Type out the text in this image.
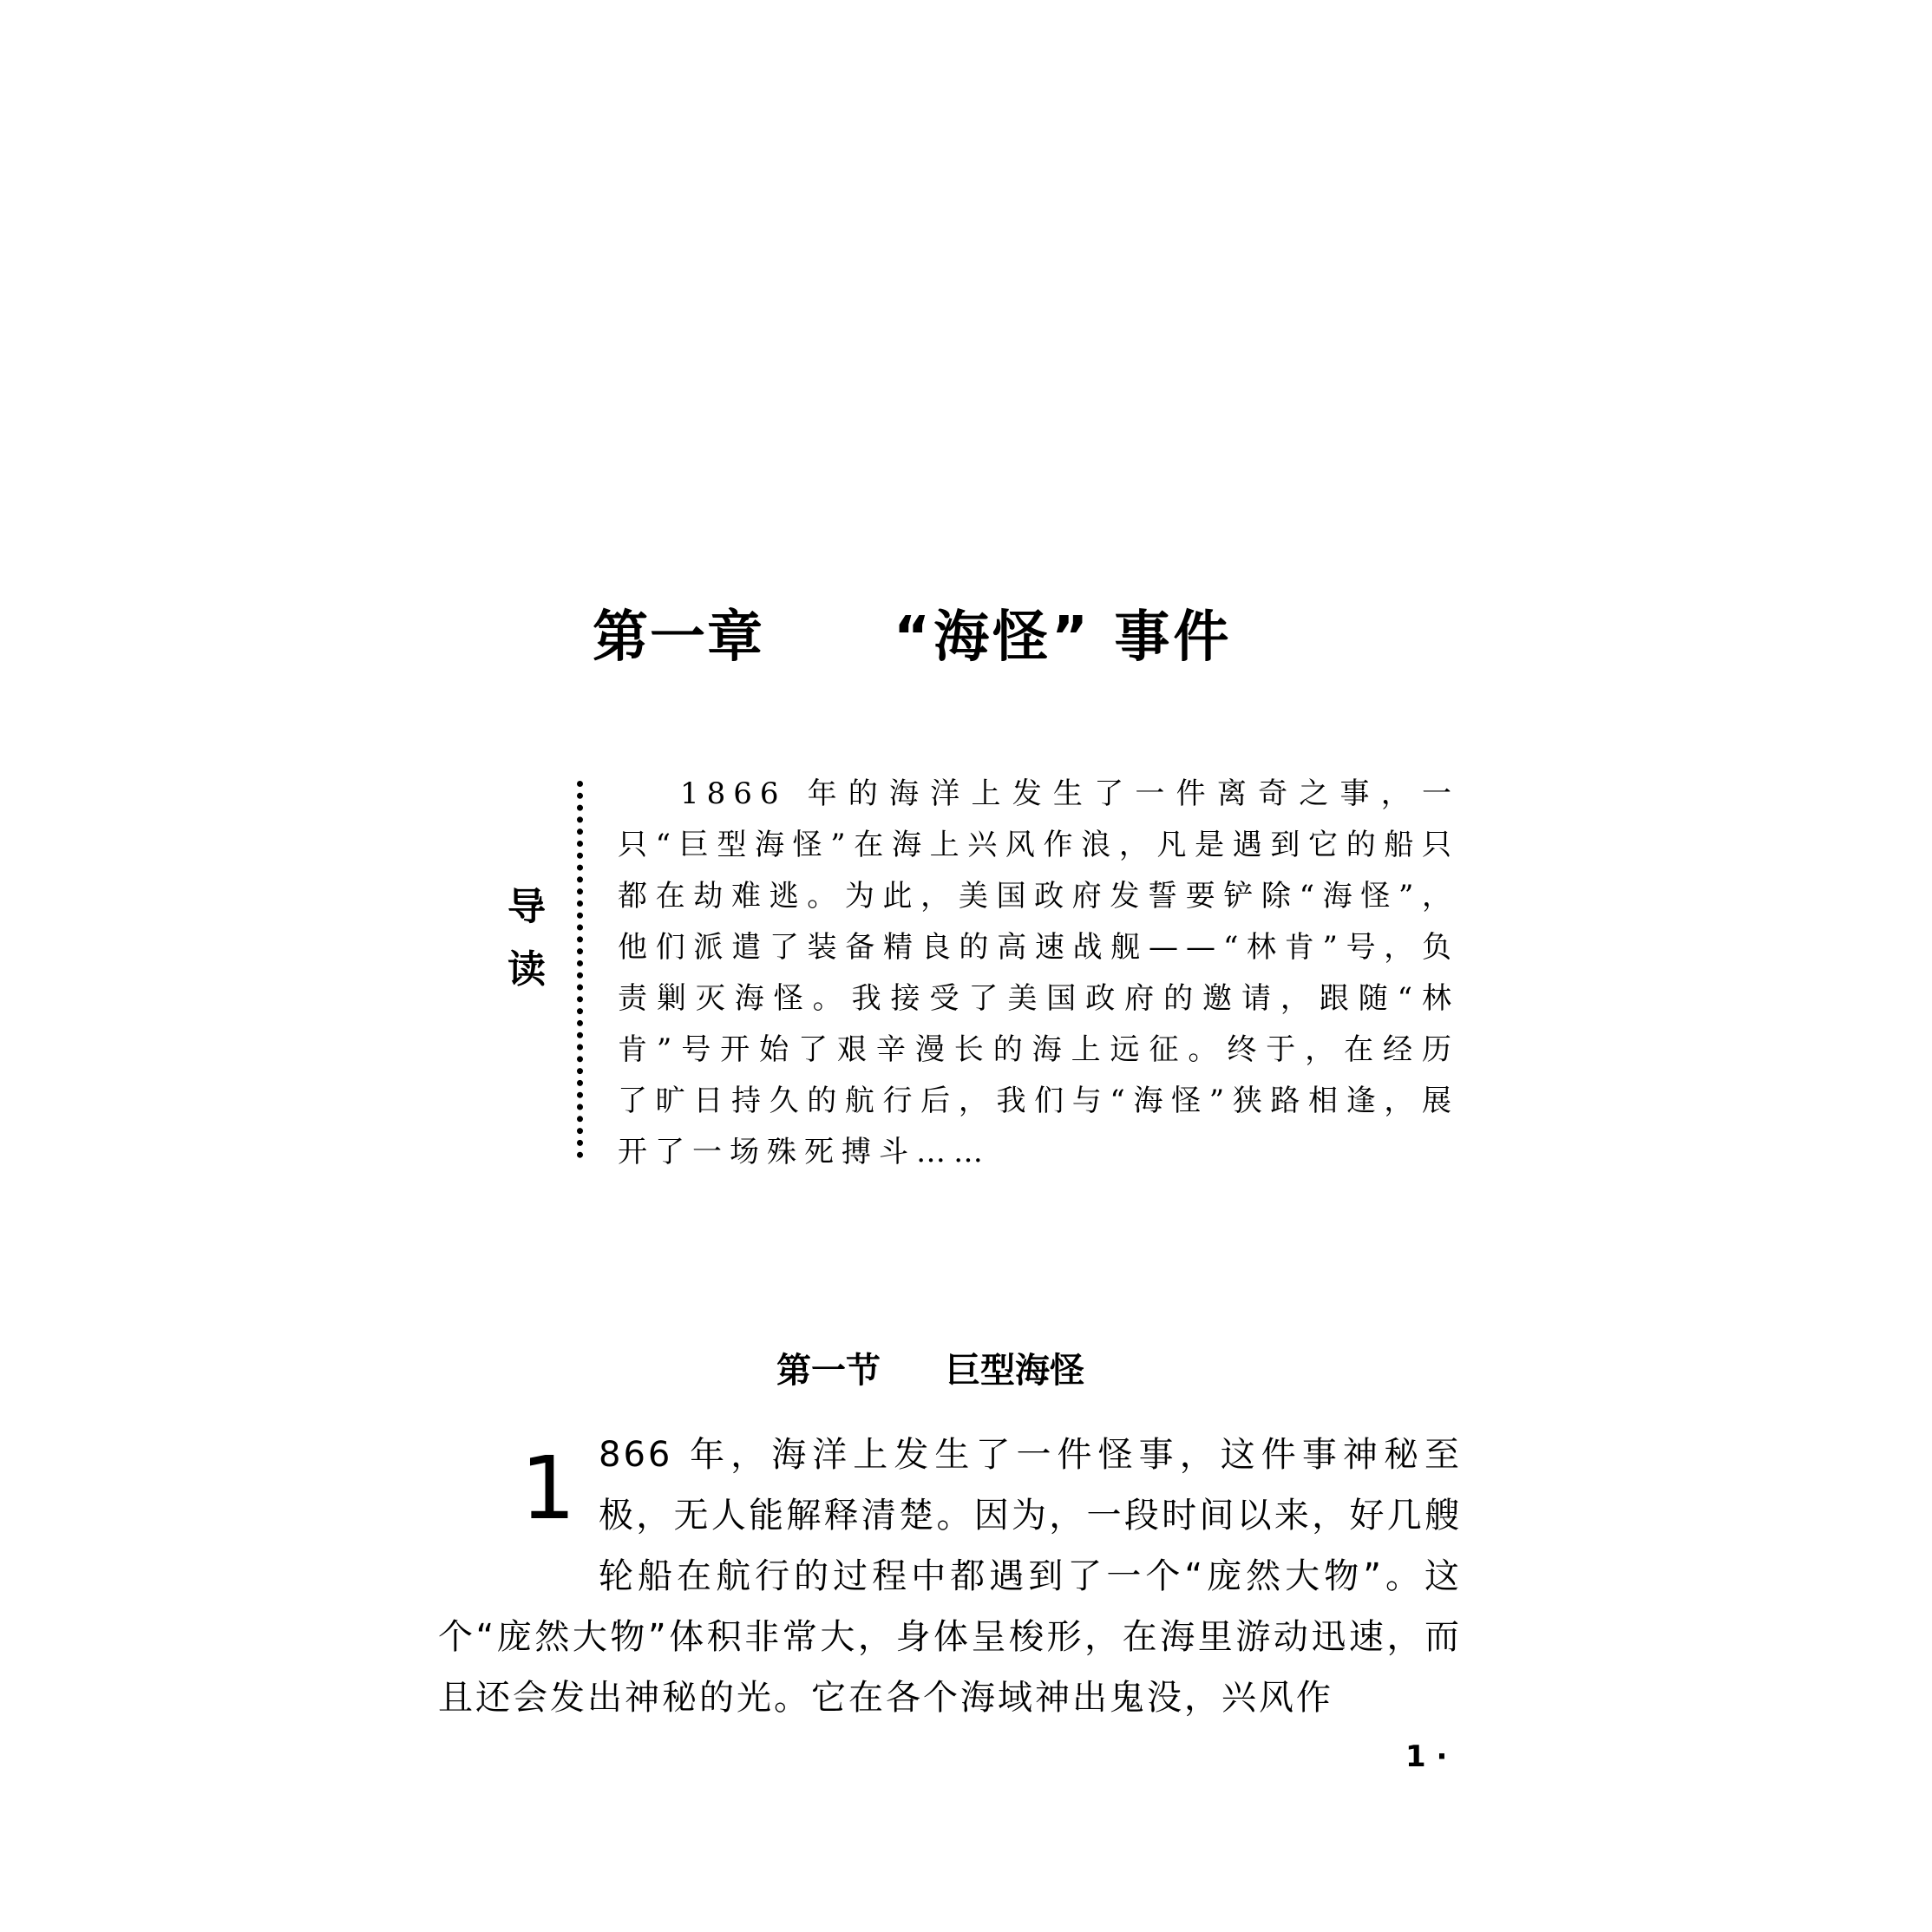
第一章 “海怪” 事件
导
读

1866 年的海洋上发生了一件离奇之事，一只“巨型海怪”在海上兴风作浪，凡是遇到它的船只都在劫难逃。为此，美国政府发誓要铲除“海怪”，他们派遣了装备精良的高速战舰——“林肯”号，负责剿灭海怪。我接受了美国政府的邀请，跟随“林肯”号开始了艰辛漫长的海上远征。终于，在经历了旷日持久的航行后，我们与“海怪”狭路相逢，展开了一场殊死搏斗……

第一节 巨型海怪

1 866 年，海洋上发生了一件怪事，这件事神秘至极，无人能解释清楚。因为，一段时间以来，好几艘轮船在航行的过程中都遇到了一个“庞然大物”。这个“庞然大物”体积非常大，身体呈梭形，在海里游动迅速，而且还会发出神秘的光。它在各个海域神出鬼没，兴风作

1 ·
